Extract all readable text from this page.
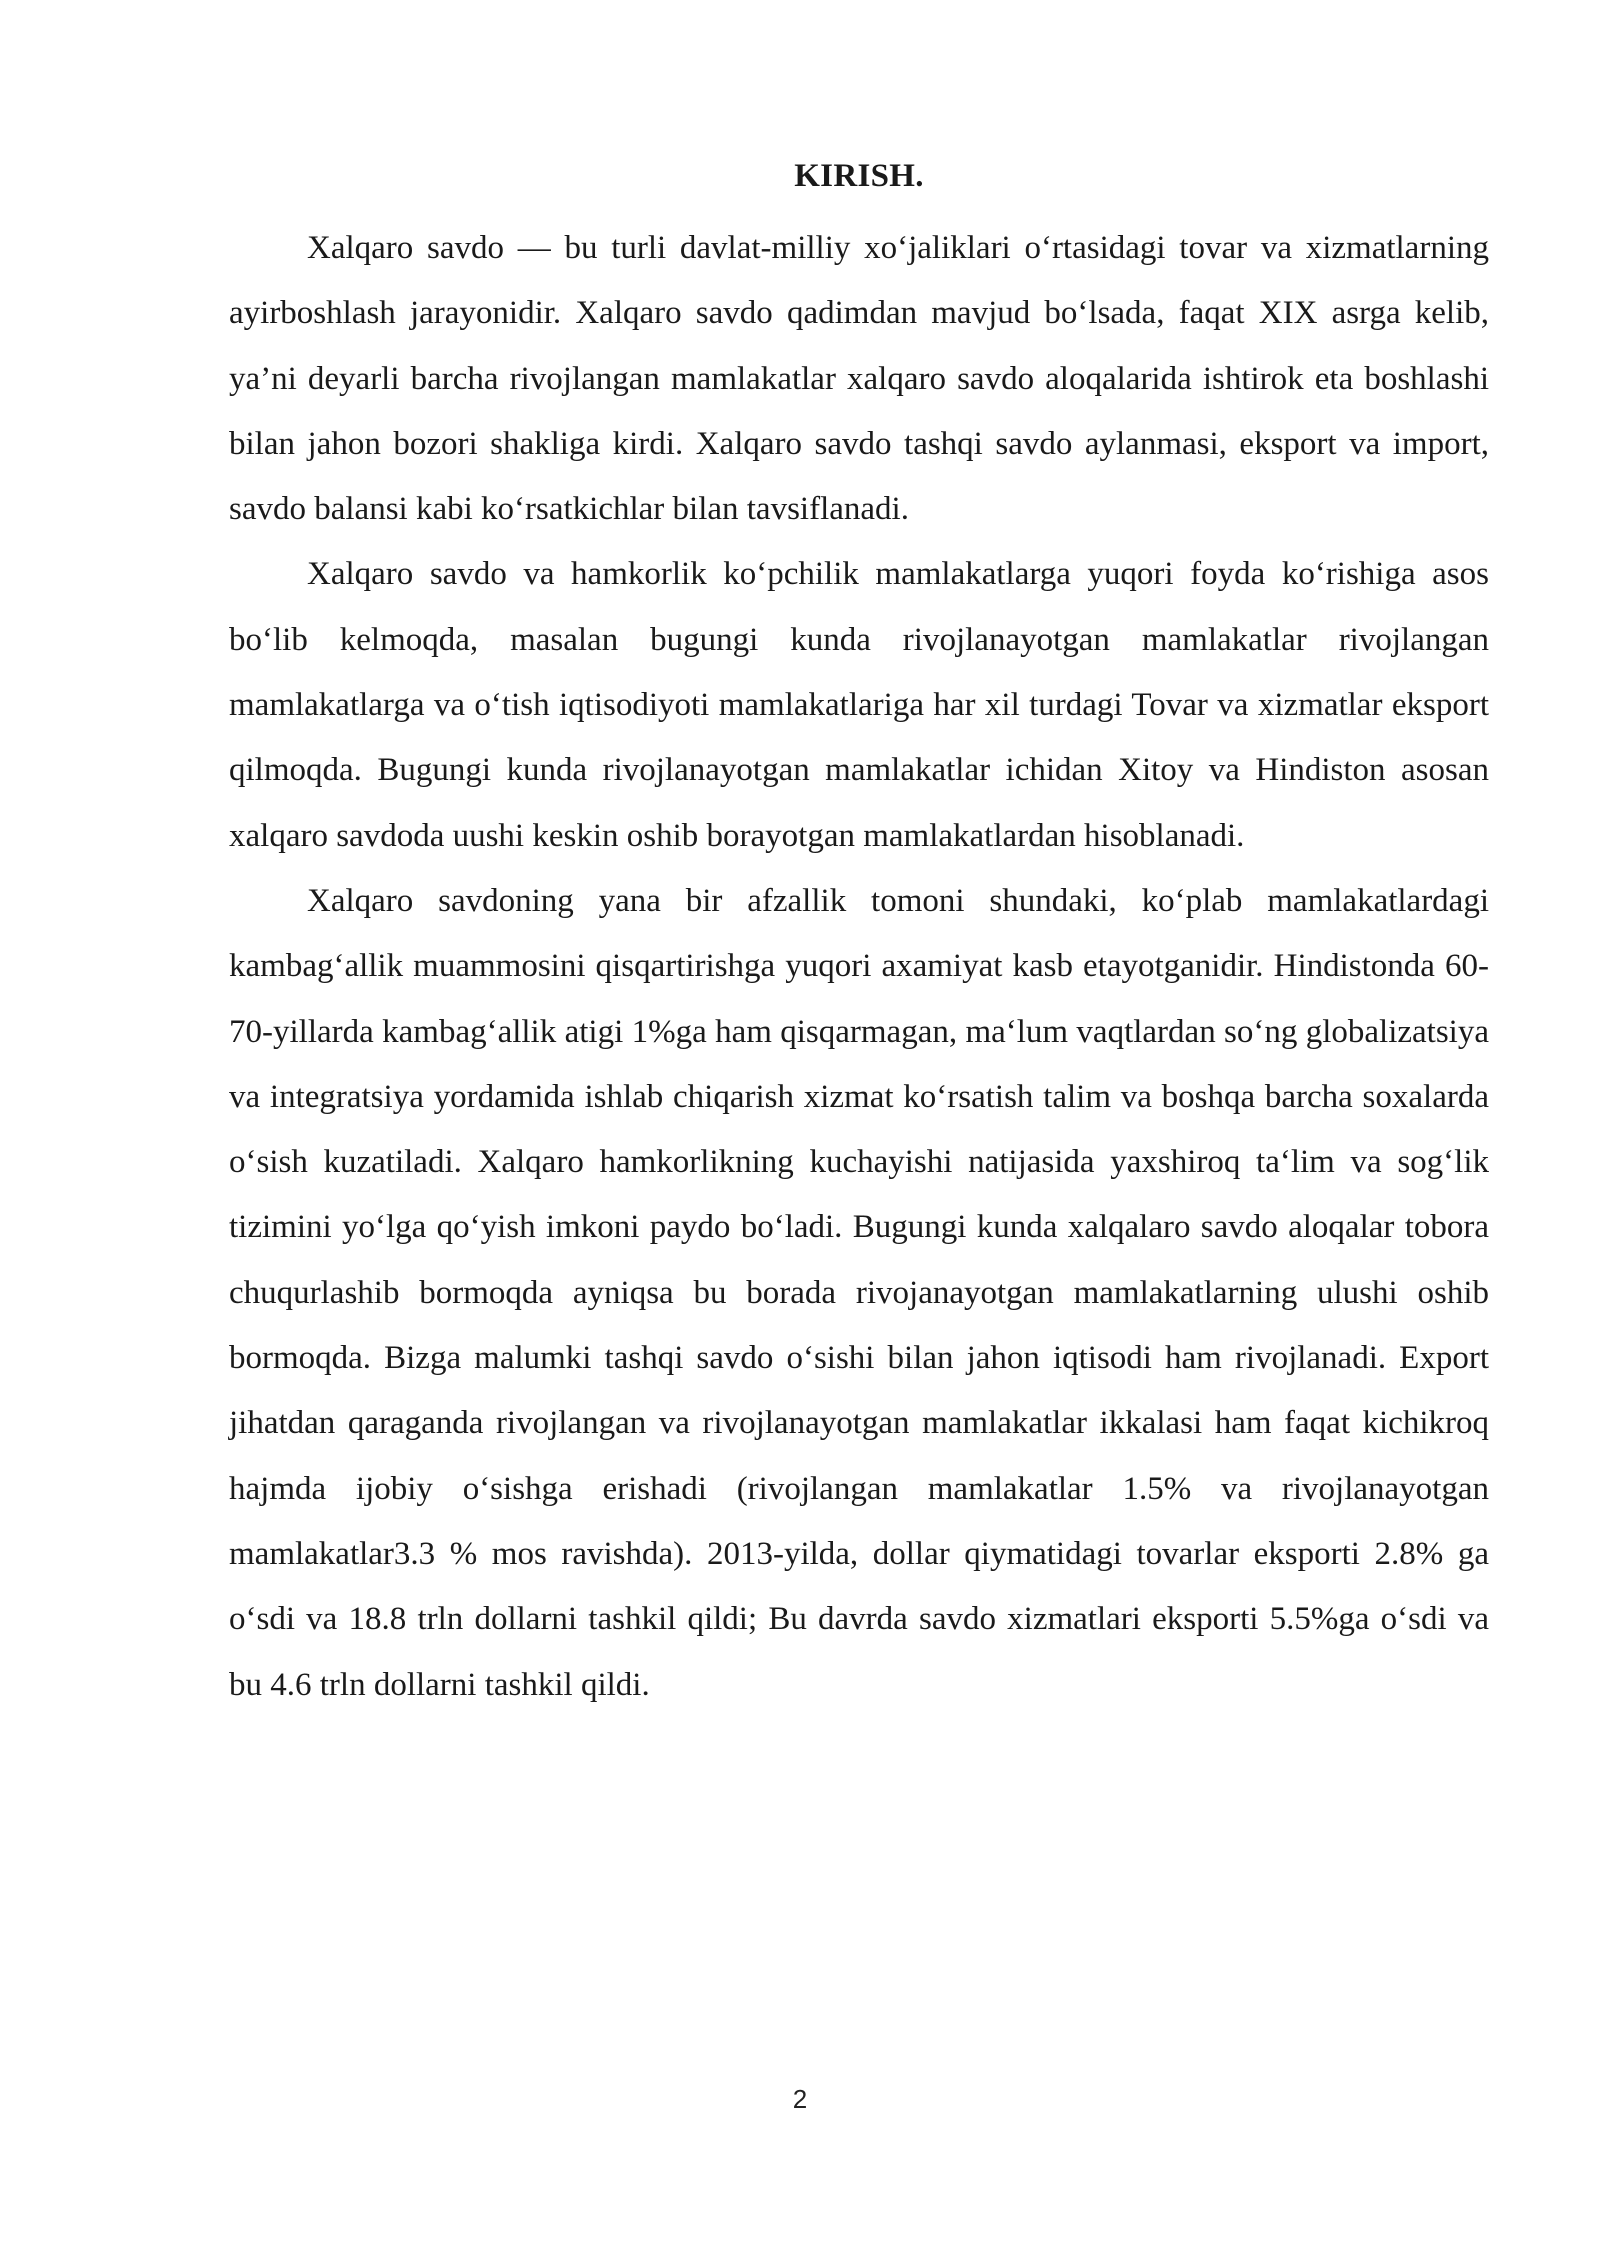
KIRISH.

Xalqaro savdo — bu turli davlat-milliy xo‘jaliklari o‘rtasidagi tovar va xizmatlarning ayirboshlash jarayonidir. Xalqaro savdo qadimdan mavjud bo‘lsada, faqat XIX asrga kelib, ya’ni deyarli barcha rivojlangan mamlakatlar xalqaro savdo aloqalarida ishtirok eta boshlashi bilan jahon bozori shakliga kirdi. Xalqaro savdo tashqi savdo aylanmasi, eksport va import, savdo balansi kabi ko‘rsatkichlar bilan tavsiflanadi.

Xalqaro savdo va hamkorlik ko‘pchilik mamlakatlarga yuqori foyda ko‘rishiga asos bo‘lib kelmoqda, masalan bugungi kunda rivojlanayotgan mamlakatlar rivojlangan mamlakatlarga va o‘tish iqtisodiyoti mamlakatlariga har xil turdagi Tovar va xizmatlar eksport qilmoqda. Bugungi kunda rivojlanayotgan mamlakatlar ichidan Xitoy va Hindiston asosan xalqaro savdoda uushi keskin oshib borayotgan mamlakatlardan hisoblanadi.

Xalqaro savdoning yana bir afzallik tomoni shundaki, ko‘plab mamlakatlardagi kambag‘allik muammosini qisqartirishga yuqori axamiyat kasb etayotganidir. Hindistonda 60-70-yillarda kambag‘allik atigi 1%ga ham qisqarmagan, ma‘lum vaqtlardan so‘ng globalizatsiya va integratsiya yordamida ishlab chiqarish xizmat ko‘rsatish talim va boshqa barcha soxalarda o‘sish kuzatiladi. Xalqaro hamkorlikning kuchayishi natijasida yaxshiroq ta‘lim va sog‘lik tizimini yo‘lga qo‘yish imkoni paydo bo‘ladi. Bugungi kunda xalqalaro savdo aloqalar tobora chuqurlashib bormoqda ayniqsa bu borada rivojanayotgan mamlakatlarning ulushi oshib bormoqda. Bizga malumki tashqi savdo o‘sishi bilan jahon iqtisodi ham rivojlanadi. Export jihatdan qaraganda rivojlangan va rivojlanayotgan mamlakatlar ikkalasi ham faqat kichikroq hajmda ijobiy o‘sishga erishadi (rivojlangan mamlakatlar 1.5% va rivojlanayotgan mamlakatlar3.3 % mos ravishda). 2013-yilda, dollar qiymatidagi tovarlar eksporti 2.8% ga o‘sdi va 18.8 trln dollarni tashkil qildi; Bu davrda savdo xizmatlari eksporti 5.5%ga o‘sdi va bu 4.6 trln dollarni tashkil qildi.

2
